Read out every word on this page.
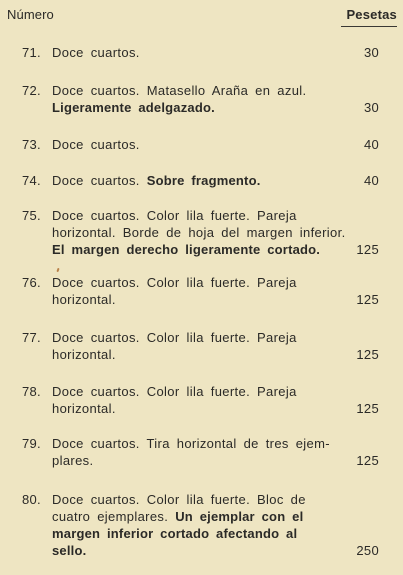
Número	Pesetas
71. Doce cuartos.	30
72. Doce cuartos. Matasello Araña en azul.
Ligeramente adelgazado.	30
73. Doce cuartos.	40
74. Doce cuartos. Sobre fragmento.	40
75. Doce cuartos. Color lila fuerte. Pareja
horizontal. Borde de hoja del margen inferior.
El margen derecho ligeramente cortado.	125
76. Doce cuartos. Color lila fuerte. Pareja
horizontal.	125
77. Doce cuartos. Color lila fuerte. Pareja
horizontal.	125
78. Doce cuartos. Color lila fuerte. Pareja
horizontal.	125
79. Doce cuartos. Tira horizontal de tres ejem-
plares.	125
80. Doce cuartos. Color lila fuerte. Bloc de
cuatro ejemplares. Un ejemplar con el
margen inferior cortado afectando al
sello.	250
